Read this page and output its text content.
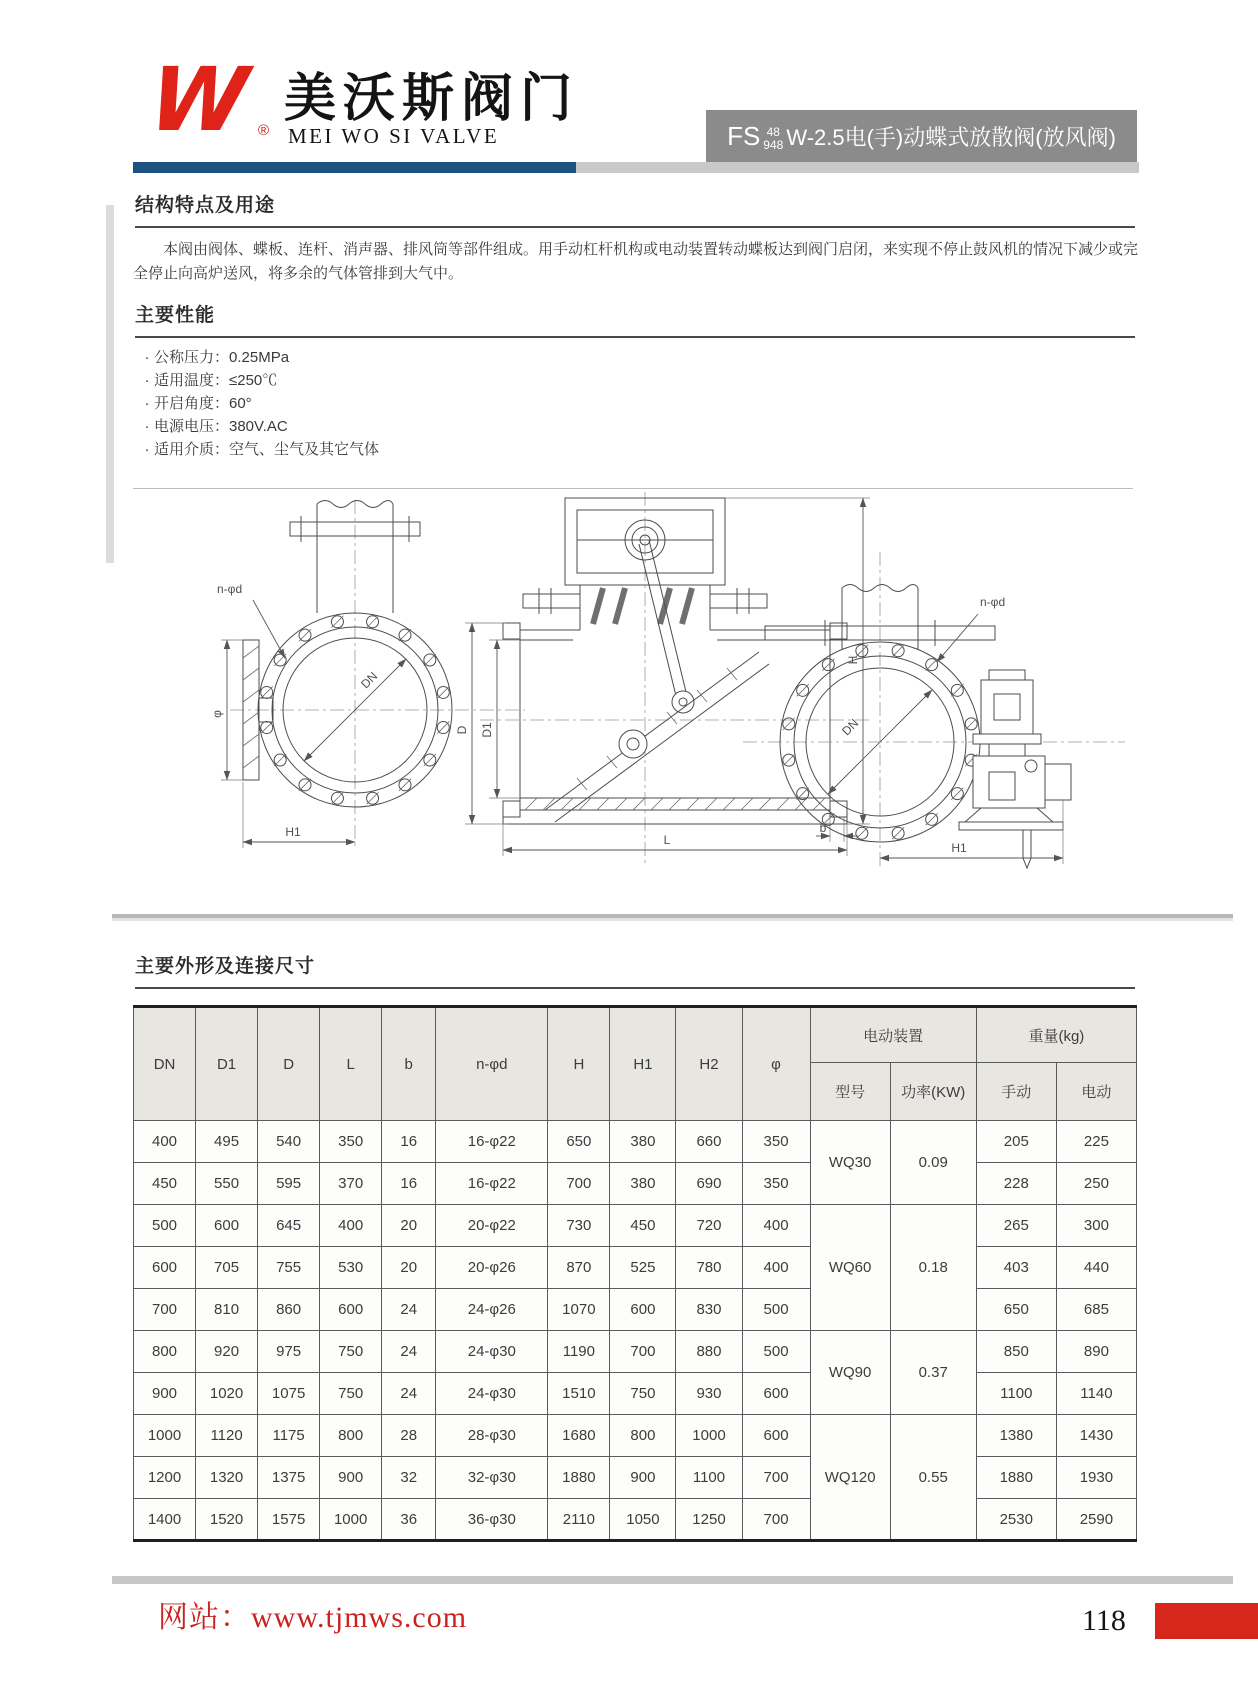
W ®
美沃斯阀门
MEI WO SI VALVE	FS 48
948 W-2.5电(手)动蝶式放散阀(放风阀)
结构特点及用途
本阀由阀体、蝶板、连杆、消声器、排风筒等部件组成。用手动杠杆机构或电动装置转动蝶板达到阀门启闭，来实现不停止鼓风机的情况下减少或完全停止向高炉送风，将多余的气体管排到大气中。
主要性能
· 公称压力：0.25MPa
· 适用温度：≤250℃
· 开启角度：60°
· 电源电压：380V.AC
· 适用介质：空气、尘气及其它气体
φ
n-φd
DN
H1
D D1
H
L
b
n-φd
DN
H1
主要外形及连接尺寸
DN	D1	D	L	b	n-φd	H	H1	H2	φ	电动装置		重量(kg)	
										型号	功率(KW)	手动	电动
400	495	540	350	16	16-φ22	650	380	660	350	WQ30	0.09	205	225
450	550	595	370	16	16-φ22	700	380	690	350			228	250
500	600	645	400	20	20-φ22	730	450	720	400	WQ60	0.18	265	300
600	705	755	530	20	20-φ26	870	525	780	400			403	440
700	810	860	600	24	24-φ26	1070	600	830	500			650	685
800	920	975	750	24	24-φ30	1190	700	880	500	WQ90	0.37	850	890
900	1020	1075	750	24	24-φ30	1510	750	930	600			1100	1140
1000	1120	1175	800	28	28-φ30	1680	800	1000	600	WQ120	0.55	1380	1430
1200	1320	1375	900	32	32-φ30	1880	900	1100	700			1880	1930
1400	1520	1575	1000	36	36-φ30	2110	1050	1250	700			2530	2590
网站：www.tjmws.com	118
